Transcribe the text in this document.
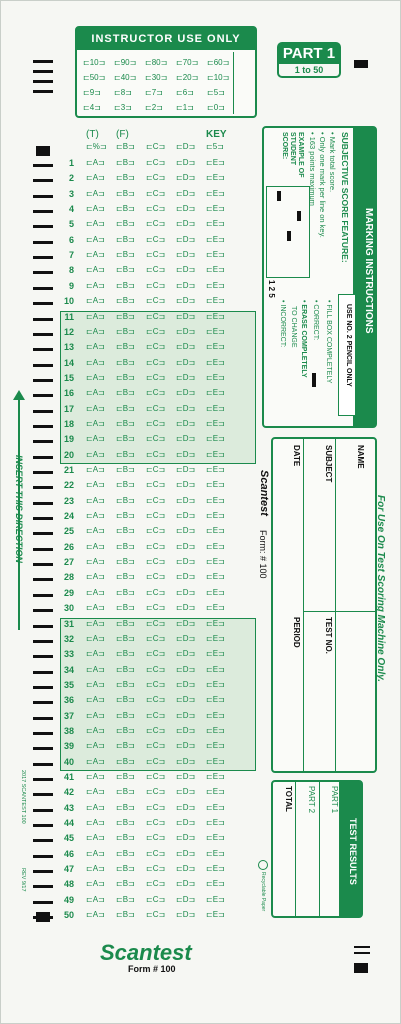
INSTRUCTOR USE ONLY
⊏10⊐ ⊏90⊐ ⊏80⊐ ⊏70⊐ ⊏60⊐
⊏50⊐ ⊏40⊐ ⊏30⊐ ⊏20⊐ ⊏10⊐
⊏9⊐ ⊏8⊐ ⊏7⊐ ⊏6⊐ ⊏5⊐
⊏4⊐ ⊏3⊐ ⊏2⊐ ⊏1⊐ ⊏0⊐
PART 1
1 to 50
(T) (F)	KEY
⊏%⊐ ⊏B⊐ ⊏C⊐ ⊏D⊐ ⊏5⊐
1 ⊏A⊐ ⊏B⊐ ⊏C⊐ ⊏D⊐ ⊏E⊐
2 ⊏A⊐ ⊏B⊐ ⊏C⊐ ⊏D⊐ ⊏E⊐
3 ⊏A⊐ ⊏B⊐ ⊏C⊐ ⊏D⊐ ⊏E⊐
4 ⊏A⊐ ⊏B⊐ ⊏C⊐ ⊏D⊐ ⊏E⊐
5 ⊏A⊐ ⊏B⊐ ⊏C⊐ ⊏D⊐ ⊏E⊐
6 ⊏A⊐ ⊏B⊐ ⊏C⊐ ⊏D⊐ ⊏E⊐
7 ⊏A⊐ ⊏B⊐ ⊏C⊐ ⊏D⊐ ⊏E⊐
8 ⊏A⊐ ⊏B⊐ ⊏C⊐ ⊏D⊐ ⊏E⊐
9 ⊏A⊐ ⊏B⊐ ⊏C⊐ ⊏D⊐ ⊏E⊐
10 ⊏A⊐ ⊏B⊐ ⊏C⊐ ⊏D⊐ ⊏E⊐
11 ⊏A⊐ ⊏B⊐ ⊏C⊐ ⊏D⊐ ⊏E⊐
12 ⊏A⊐ ⊏B⊐ ⊏C⊐ ⊏D⊐ ⊏E⊐
13 ⊏A⊐ ⊏B⊐ ⊏C⊐ ⊏D⊐ ⊏E⊐
14 ⊏A⊐ ⊏B⊐ ⊏C⊐ ⊏D⊐ ⊏E⊐
15 ⊏A⊐ ⊏B⊐ ⊏C⊐ ⊏D⊐ ⊏E⊐
16 ⊏A⊐ ⊏B⊐ ⊏C⊐ ⊏D⊐ ⊏E⊐
17 ⊏A⊐ ⊏B⊐ ⊏C⊐ ⊏D⊐ ⊏E⊐
18 ⊏A⊐ ⊏B⊐ ⊏C⊐ ⊏D⊐ ⊏E⊐
19 ⊏A⊐ ⊏B⊐ ⊏C⊐ ⊏D⊐ ⊏E⊐
20 ⊏A⊐ ⊏B⊐ ⊏C⊐ ⊏D⊐ ⊏E⊐
21 ⊏A⊐ ⊏B⊐ ⊏C⊐ ⊏D⊐ ⊏E⊐
22 ⊏A⊐ ⊏B⊐ ⊏C⊐ ⊏D⊐ ⊏E⊐
23 ⊏A⊐ ⊏B⊐ ⊏C⊐ ⊏D⊐ ⊏E⊐
24 ⊏A⊐ ⊏B⊐ ⊏C⊐ ⊏D⊐ ⊏E⊐
25 ⊏A⊐ ⊏B⊐ ⊏C⊐ ⊏D⊐ ⊏E⊐
26 ⊏A⊐ ⊏B⊐ ⊏C⊐ ⊏D⊐ ⊏E⊐
27 ⊏A⊐ ⊏B⊐ ⊏C⊐ ⊏D⊐ ⊏E⊐
28 ⊏A⊐ ⊏B⊐ ⊏C⊐ ⊏D⊐ ⊏E⊐
29 ⊏A⊐ ⊏B⊐ ⊏C⊐ ⊏D⊐ ⊏E⊐
30 ⊏A⊐ ⊏B⊐ ⊏C⊐ ⊏D⊐ ⊏E⊐
31 ⊏A⊐ ⊏B⊐ ⊏C⊐ ⊏D⊐ ⊏E⊐
32 ⊏A⊐ ⊏B⊐ ⊏C⊐ ⊏D⊐ ⊏E⊐
33 ⊏A⊐ ⊏B⊐ ⊏C⊐ ⊏D⊐ ⊏E⊐
34 ⊏A⊐ ⊏B⊐ ⊏C⊐ ⊏D⊐ ⊏E⊐
35 ⊏A⊐ ⊏B⊐ ⊏C⊐ ⊏D⊐ ⊏E⊐
36 ⊏A⊐ ⊏B⊐ ⊏C⊐ ⊏D⊐ ⊏E⊐
37 ⊏A⊐ ⊏B⊐ ⊏C⊐ ⊏D⊐ ⊏E⊐
38 ⊏A⊐ ⊏B⊐ ⊏C⊐ ⊏D⊐ ⊏E⊐
39 ⊏A⊐ ⊏B⊐ ⊏C⊐ ⊏D⊐ ⊏E⊐
40 ⊏A⊐ ⊏B⊐ ⊏C⊐ ⊏D⊐ ⊏E⊐
41 ⊏A⊐ ⊏B⊐ ⊏C⊐ ⊏D⊐ ⊏E⊐
42 ⊏A⊐ ⊏B⊐ ⊏C⊐ ⊏D⊐ ⊏E⊐
43 ⊏A⊐ ⊏B⊐ ⊏C⊐ ⊏D⊐ ⊏E⊐
44 ⊏A⊐ ⊏B⊐ ⊏C⊐ ⊏D⊐ ⊏E⊐
45 ⊏A⊐ ⊏B⊐ ⊏C⊐ ⊏D⊐ ⊏E⊐
46 ⊏A⊐ ⊏B⊐ ⊏C⊐ ⊏D⊐ ⊏E⊐
47 ⊏A⊐ ⊏B⊐ ⊏C⊐ ⊏D⊐ ⊏E⊐
48 ⊏A⊐ ⊏B⊐ ⊏C⊐ ⊏D⊐ ⊏E⊐
49 ⊏A⊐ ⊏B⊐ ⊏C⊐ ⊏D⊐ ⊏E⊐
50 ⊏A⊐ ⊏B⊐ ⊏C⊐ ⊏D⊐ ⊏E⊐
INSERT THIS DIRECTION
MARKING INSTRUCTIONS
SUBJECTIVE SCORE FEATURE:
• Mark total score.
• Only one mark per line on key.
• 163 points maximum
EXAMPLE OF STUDENT SCORE:
1 2 5
USE NO. 2 PENCIL ONLY
• FILL BOX COMPLETELY
• CORRECT:
• ERASE COMPLETELY
TO CHANGE
• INCORRECT:
NAME
SUBJECT
DATE
TEST NO.
PERIOD
Scantest
Form: # 100	For Use On Test Scoring Machine Only.
TEST RESULTS
PART 1
PART 2
TOTAL
Recyclable Paper
2017 SCANTEST 100
REV 9/17
Scantest
Form # 100
